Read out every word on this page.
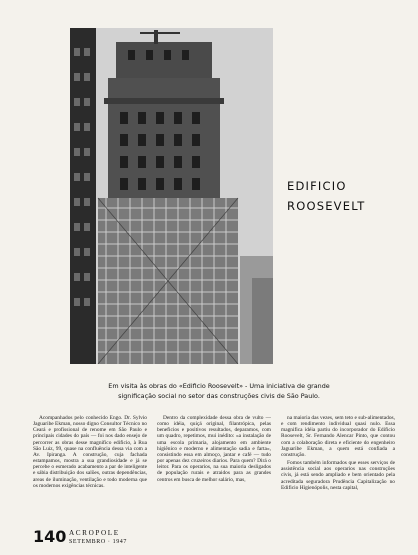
EDIFICIO
ROOSEVELT
Em visita às obras do «Edificio Roosevelt» - Uma iniciativa de grande
significação social no setor das construções civis de São Paulo.

Acompanhados pelo conhecido Engo. Dr. Sylvio Jaguaribe Ekman, nosso digno Consultor Técnico no Ceará e profissional de renome em São Paulo e principais cidades do país — foi nos dado ensejo de percorrer as obras desse magnifico edificio, à Rua São Luiz, 99, quase na confluência dessa via com a Av. Ipiranga. A construção, cuja fachada estampamos, mostra a sua grandiosidade e já se percebe o esmerado acabamento a par de inteligente e sábia distribuição dos salões, outras dependências, areas de iluminação, ventilação e todo moderna que os modernos exigências técnicas.

Dentro da complexidade dessa obra de vulto — como idéia, quiçá original, filantrópica, pelas beneficios e positivos resultados, deparamos, com um quadro, repetimos, mui inédito: «a instalação de uma escola primaria, alojamento em ambiente higiênico e moderno e alimentação sadia e farta», consistindo essa em almoço, jantar e café — tudo por apenas dez cruzeiros diarios. Para quem? Dirá o leitor. Para os operarios, na sua maioria desligados de população rurais e atraidos para as grandes centros em busca de melhor salário, mas,

na maioria das vezes, sem teto e sub-alimentados, e com rendimento individual quasi nulo. Essa magnifica idéia partiu do incorporador do Edificio Roosevelt, Sr. Fernando Alencar Pinto, que contou com a colaboração direta e eficiente do engenheiro Jaguaribe Ekman, a quem está confiada a construção.

Fomos também informados que esses serviços de assistência social aos operarios nas construções civis, já está sendo ampliado e bem orientado pela acreditada seguradora Prudência Capitalização no Edificio Higienópolis, nesta capital,

140 ACROPOLE
SETEMBRO · 1947
